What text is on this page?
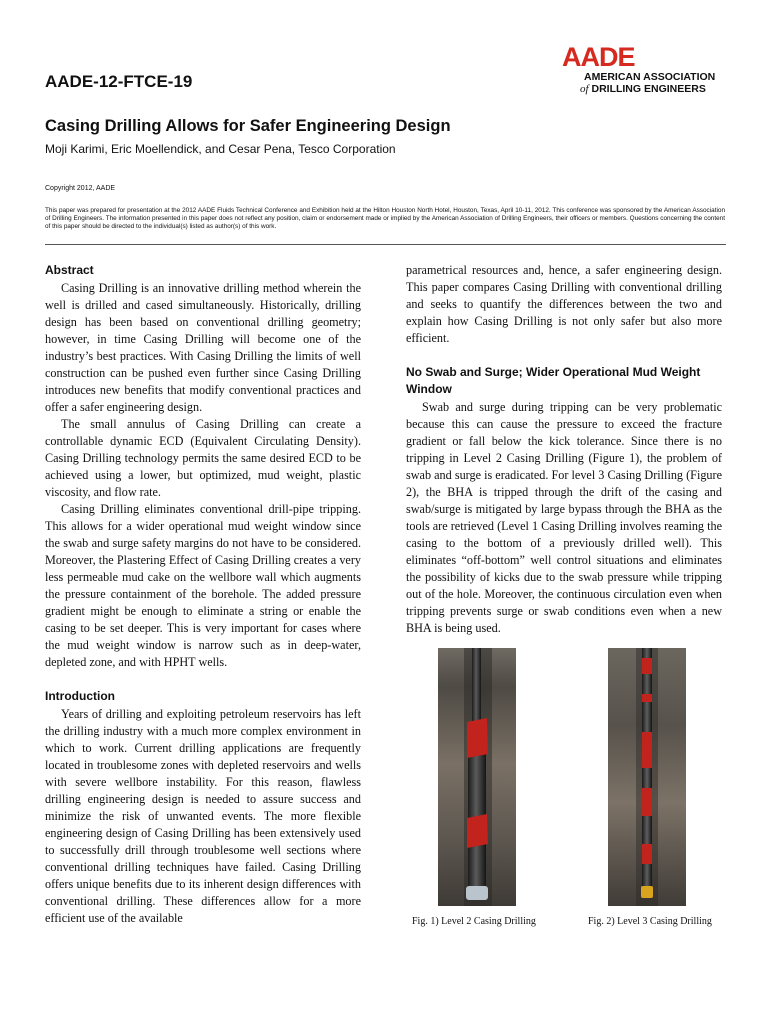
AADE-12-FTCE-19
AADE
AMERICAN ASSOCIATION
of DRILLING ENGINEERS
Casing Drilling Allows for Safer Engineering Design
Moji Karimi, Eric Moellendick, and Cesar Pena, Tesco Corporation
Copyright 2012, AADE
This paper was prepared for presentation at the 2012 AADE Fluids Technical Conference and Exhibition held at the Hilton Houston North Hotel, Houston, Texas, April 10-11, 2012. This conference was sponsored by the American Association of Drilling Engineers. The information presented in this paper does not reflect any position, claim or endorsement made or implied by the American Association of Drilling Engineers, their officers or members. Questions concerning the content of this paper should be directed to the individual(s) listed as author(s) of this work.
Abstract

Casing Drilling is an innovative drilling method wherein the well is drilled and cased simultaneously. Historically, drilling design has been based on conventional drilling geometry; however, in time Casing Drilling will become one of the industry’s best practices. With Casing Drilling the limits of well construction can be pushed even further since Casing Drilling introduces new benefits that modify conventional practices and offer a safer engineering design.

The small annulus of Casing Drilling can create a controllable dynamic ECD (Equivalent Circulating Density). Casing Drilling technology permits the same desired ECD to be achieved using a lower, but optimized, mud weight, plastic viscosity, and flow rate.

Casing Drilling eliminates conventional drill-pipe tripping. This allows for a wider operational mud weight window since the swab and surge safety margins do not have to be considered. Moreover, the Plastering Effect of Casing Drilling creates a very less permeable mud cake on the wellbore wall which augments the pressure containment of the borehole. The added pressure gradient might be enough to eliminate a string or enable the casing to be set deeper. This is very important for cases where the mud weight window is narrow such as in deep-water, depleted zone, and with HPHT wells.

Introduction

Years of drilling and exploiting petroleum reservoirs has left the drilling industry with a much more complex environment in which to work. Current drilling applications are frequently located in troublesome zones with depleted reservoirs and wells with severe wellbore instability. For this reason, flawless drilling engineering design is needed to assure success and minimize the risk of unwanted events. The more flexible engineering design of Casing Drilling has been extensively used to successfully drill through troublesome well sections where conventional drilling techniques have failed. Casing Drilling offers unique benefits due to its inherent design differences with conventional drilling. These differences allow for a more efficient use of the available

parametrical resources and, hence, a safer engineering design. This paper compares Casing Drilling with conventional drilling and seeks to quantify the differences between the two and explain how Casing Drilling is not only safer but also more efficient.

No Swab and Surge; Wider Operational Mud Weight Window

Swab and surge during tripping can be very problematic because this can cause the pressure to exceed the fracture gradient or fall below the kick tolerance. Since there is no tripping in Level 2 Casing Drilling (Figure 1), the problem of swab and surge is eradicated. For level 3 Casing Drilling (Figure 2), the BHA is tripped through the drift of the casing and swab/surge is mitigated by large bypass through the BHA as the tools are retrieved (Level 1 Casing Drilling involves reaming the casing to the bottom of a previously drilled well). This eliminates “off-bottom” well control situations and eliminates the possibility of kicks due to the swab pressure while tripping out of the hole. Moreover, the continuous circulation even when tripping prevents surge or swab conditions even when a new BHA is being used.

Fig. 1) Level 2 Casing Drilling	Fig. 2) Level 3 Casing Drilling
